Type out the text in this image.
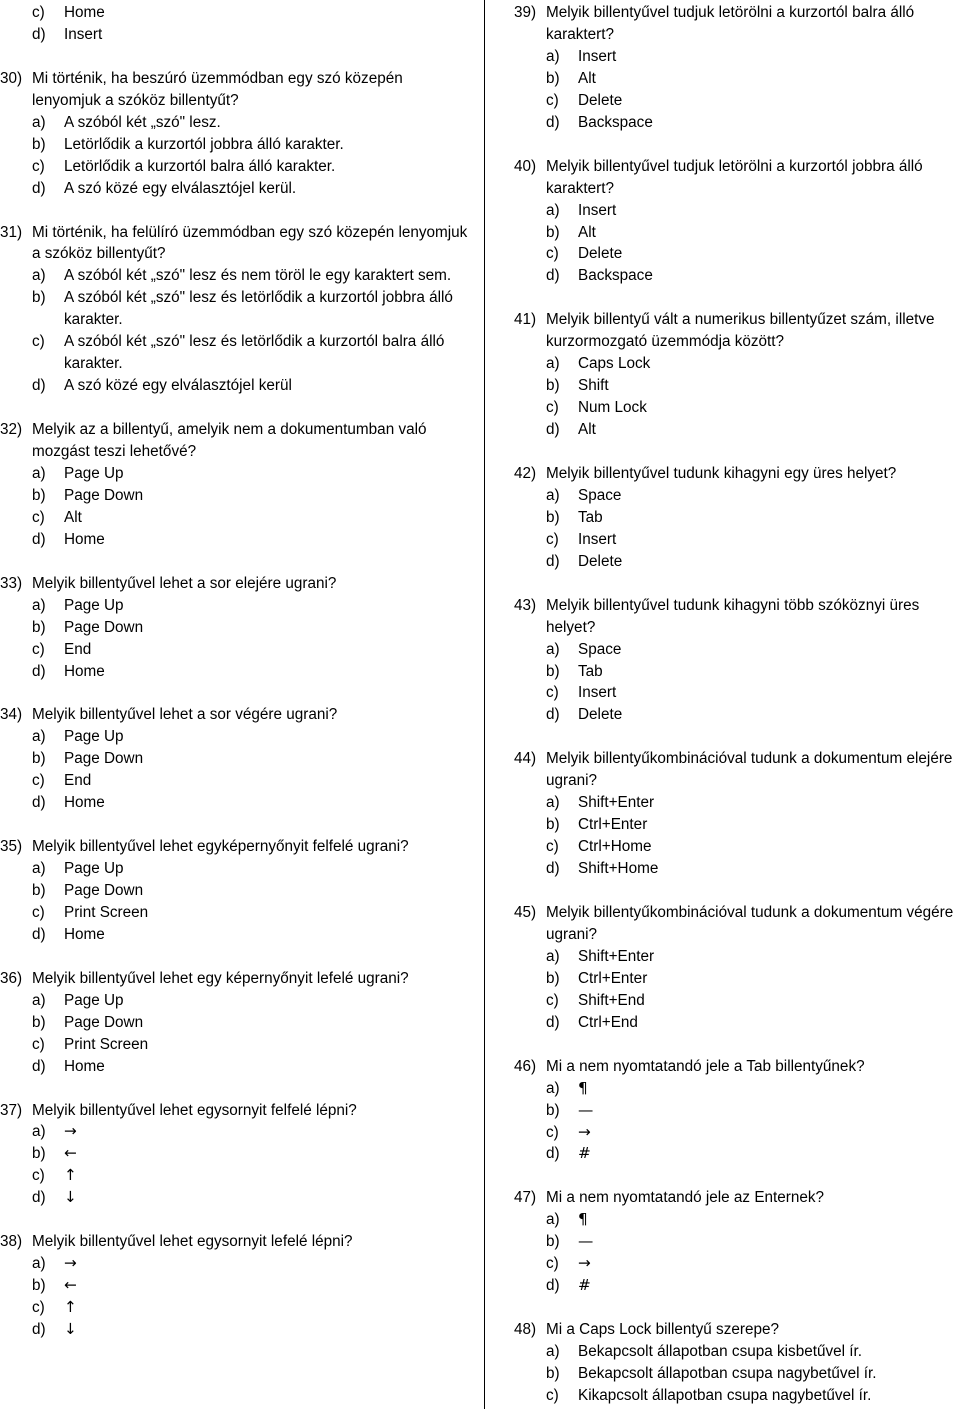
c)	Home
d)	Insert
30) Mi történik, ha beszúró üzemmódban egy szó közepén lenyomjuk a szóköz billentyűt?
a)	A szóból két „szó" lesz.
b)	Letörlődik a kurzortól jobbra álló karakter.
c)	Letörlődik a kurzortól balra álló karakter.
d)	A szó közé egy elválasztójel kerül.
31) Mi történik, ha felülíró üzemmódban egy szó közepén lenyomjuk a szóköz billentyűt?
a)	A szóból két „szó" lesz és nem töröl le egy karaktert sem.
b)	A szóból két „szó" lesz és letörlődik a kurzortól jobbra álló karakter.
c)	A szóból két „szó" lesz és letörlődik a kurzortól balra álló karakter.
d)	A szó közé egy elválasztójel kerül
32) Melyik az a billentyű, amelyik nem a dokumentumban való mozgást teszi lehetővé?
a)	Page Up
b)	Page Down
c)	Alt
d)	Home
33) Melyik billentyűvel lehet a sor elejére ugrani?
a)	Page Up
b)	Page Down
c)	End
d)	Home
34) Melyik billentyűvel lehet a sor végére ugrani?
a)	Page Up
b)	Page Down
c)	End
d)	Home
35) Melyik billentyűvel lehet egyképernyőnyit felfelé ugrani?
a)	Page Up
b)	Page Down
c)	Print Screen
d)	Home
36) Melyik billentyűvel lehet egy képernyőnyit lefelé ugrani?
a)	Page Up
b)	Page Down
c)	Print Screen
d)	Home
37) Melyik billentyűvel lehet egysornyit felfelé lépni?
a)	→
b)	←
c)	↑
d)	↓
38) Melyik billentyűvel lehet egysornyit lefelé lépni?
a)	→
b)	←
c)	↑
d)	↓
39) Melyik billentyűvel tudjuk letörölni a kurzortól balra álló karaktert?
a)	Insert
b)	Alt
c)	Delete
d)	Backspace
40) Melyik billentyűvel tudjuk letörölni a kurzortól jobbra álló karaktert?
a)	Insert
b)	Alt
c)	Delete
d)	Backspace
41) Melyik billentyű vált a numerikus billentyűzet szám, illetve kurzormozgató üzemmódja között?
a)	Caps Lock
b)	Shift
c)	Num Lock
d)	Alt
42) Melyik billentyűvel tudunk kihagyni egy üres helyet?
a)	Space
b)	Tab
c)	Insert
d)	Delete
43) Melyik billentyűvel tudunk kihagyni több szóköznyi üres helyet?
a)	Space
b)	Tab
c)	Insert
d)	Delete
44) Melyik billentyűkombinációval tudunk a dokumentum elejére ugrani?
a)	Shift+Enter
b)	Ctrl+Enter
c)	Ctrl+Home
d)	Shift+Home
45) Melyik billentyűkombinációval tudunk a dokumentum végére ugrani?
a)	Shift+Enter
b)	Ctrl+Enter
c)	Shift+End
d)	Ctrl+End
46) Mi a nem nyomtatandó jele a Tab billentyűnek?
a)	¶
b)	—
c)	→
d)	#
47) Mi a nem nyomtatandó jele az Enternek?
a)	¶
b)	—
c)	→
d)	#
48) Mi a Caps Lock billentyű szerepe?
a)	Bekapcsolt állapotban csupa kisbetűvel ír.
b)	Bekapcsolt állapotban csupa nagybetűvel ír.
c)	Kikapcsolt állapotban csupa nagybetűvel ír.
